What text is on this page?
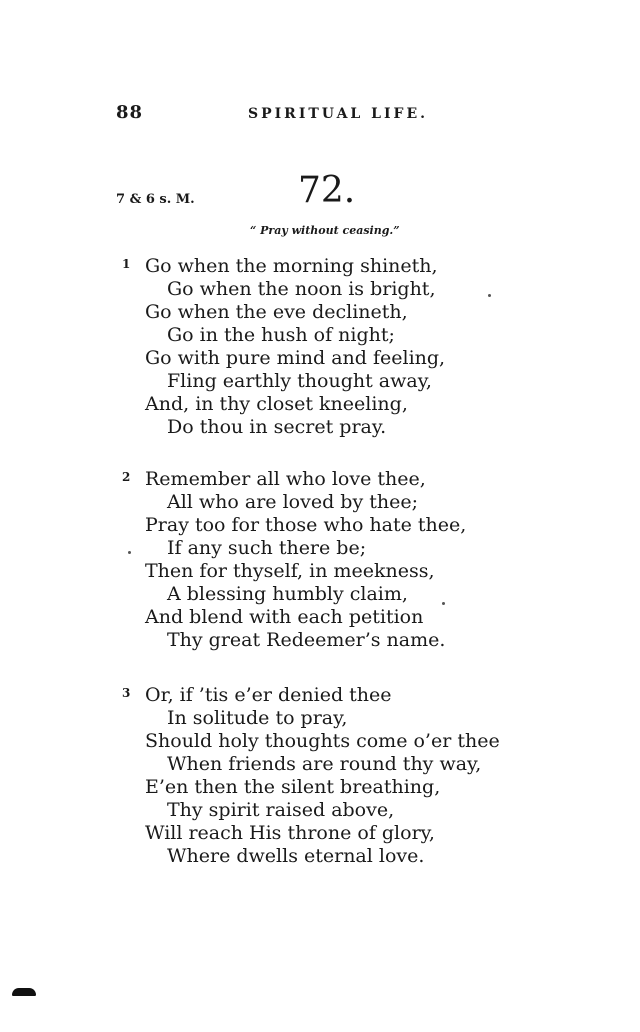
88	SPIRITUAL LIFE.
7 & 6 s. M.	72.
“ Pray without ceasing.”
1 Go when the morning shineth,
Go when the noon is bright,
Go when the eve declineth,
Go in the hush of night;
Go with pure mind and feeling,
Fling earthly thought away,
And, in thy closet kneeling,
Do thou in secret pray.
2 Remember all who love thee,
All who are loved by thee;
Pray too for those who hate thee,
If any such there be;
Then for thyself, in meekness,
A blessing humbly claim,
And blend with each petition
Thy great Redeemer’s name.
3 Or, if ’tis e’er denied thee
In solitude to pray,
Should holy thoughts come o’er thee
When friends are round thy way,
E’en then the silent breathing,
Thy spirit raised above,
Will reach His throne of glory,
Where dwells eternal love.
